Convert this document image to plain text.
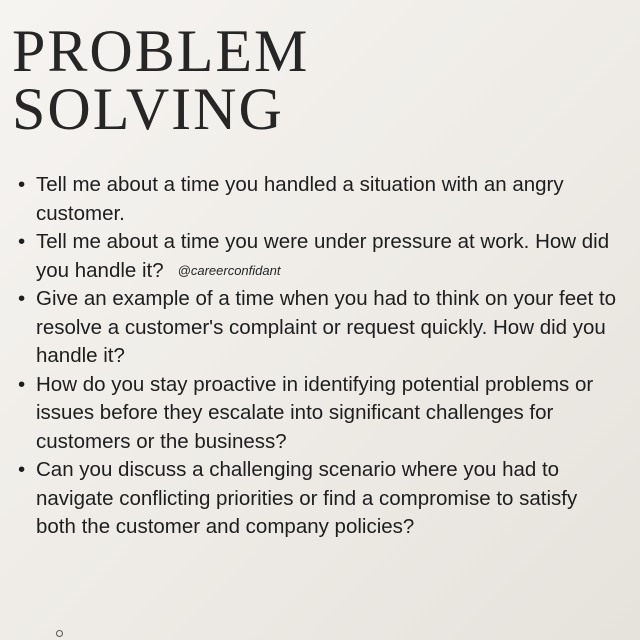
PROBLEM
SOLVING
• Tell me about a time you handled a situation with an angry customer.
• Tell me about a time you were under pressure at work. How did you handle it? @careerconfidant
• Give an example of a time when you had to think on your feet to resolve a customer's complaint or request quickly. How did you handle it?
• How do you stay proactive in identifying potential problems or issues before they escalate into significant challenges for customers or the business?
• Can you discuss a challenging scenario where you had to navigate conflicting priorities or find a compromise to satisfy both the customer and company policies?
